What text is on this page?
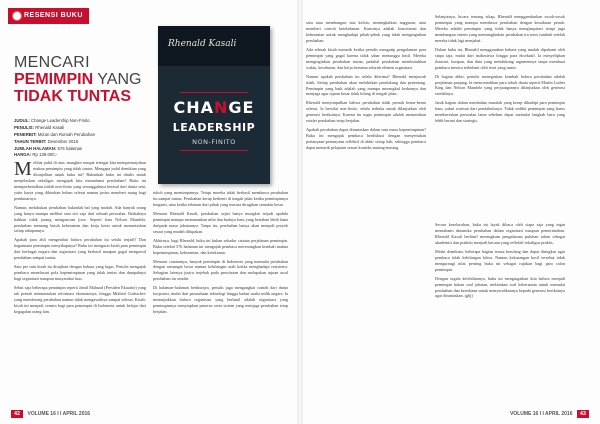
RESENSI BUKU
MENCARI
PEMIMPIN YANG
TIDAK TUNTAS
JUDUL: Change Leadership Non-Finito
PENULIS: Rhenald Kasali
PENERBIT: Mizan dan Rumah Perubahan
TAHUN TERBIT: Desember 2015
JUMLAH HALAMAN: 576 halaman
HARGA: Rp 139.000,-
Rhenald Kasali
CHANGE
LEADERSHIP
NON-FINITO

Melihat judul di atas, mungkin sempat teringat kita mempertanyakan makna pemimpin yang tidak tuntas. Mengapa judul demikian yang ditonjolkan untuk buku ini? Bukankah buku ini ditulis untuk menjelaskan sekaligus mengajak kita memahami perubahan? Buku ini memperkenalkan istilah non-finito yang sesungguhnya berasal dari dunia seni, yaitu karya yang dibiarkan belum selesai namun justru memberi ruang bagi penikmatnya.

Namun, melakukan perubahan bukanlah hal yang mudah. Ada banyak orang yang hanya mampu melihat satu sisi saja dari sebuah persoalan. Berbahaya bahkan tidak jarang mengancam jiwa. Seperti kata Nelson Mandela, perubahan memang butuh keberanian dan kerja keras untuk menuntaskan setiap tahapannya.

Apakah para ahli mengetahui bahwa perubahan itu selalu terjadi? Dan bagaimana pemimpin menyikapinya? Buku ini mengurai kisah para pemimpin dari berbagai negara dan organisasi yang berhasil maupun gagal mengawal perubahan sampai tuntas.

Satu per satu kisah itu disajikan dengan bahasa yang lugas. Penulis mengajak pembaca menelusuri pola kepemimpinan yang tidak tuntas dan dampaknya bagi organisasi maupun masyarakat luas.

Sebut saja beberapa pemimpin seperti Jamil Mahuad (Presiden Ekuador) yang tak pernah menuntaskan reformasi ekonominya, hingga Mikhail Gorbachev yang mendorong perubahan namun tidak mengawalnya sampai selesai. Kisah-kisah ini menjadi cermin bagi para pemimpin di Indonesia untuk belajar dari kegagalan orang lain.

tokoh yang memimpinnya. Tetapi mereka tidak berhasil membawa perubahan itu sampai tuntas. Perubahan kerap berhenti di tengah jalan ketika pemimpinnya berganti, atau ketika tekanan dari pihak yang merasa dirugikan semakin besar.

Menurut Rhenald Kasali, perubahan sejati hanya mungkin terjadi apabila pemimpin mampu menanamkan nilai dan budaya baru yang bertahan lebih lama daripada masa jabatannya. Tanpa itu, perubahan hanya akan menjadi proyek sesaat yang mudah dilupakan.

Akhirnya, bagi Rhenald, buku ini bukan sekadar catatan perjalanan pemimpin. Buku setebal 576 halaman ini mengajak pembaca merenungkan kembali makna kepemimpinan, keberanian, dan ketekunan.

Menurut catatannya, banyak pemimpin di Indonesia yang memulai perubahan dengan semangat besar namun kehilangan arah ketika menghadapi resistensi. Sebagian lainnya justru terjebak pada pencitraan dan melupakan tujuan awal perubahan itu sendiri.

Di halaman-halaman berikutnya, penulis juga mengangkat contoh dari dunia korporasi, mulai dari perusahaan teknologi hingga badan usaha milik negara. Ia menunjukkan bahwa organisasi yang berhasil adalah organisasi yang pemimpinnya menyiapkan penerus serta sistem yang menjaga perubahan tetap berjalan.

42 VOLUME 16 I I APRIL 2016

satu atau membangun tata kelola, meningkatkan anggaran, atau memberi contoh keteladanan. Kuncinya adalah konsistensi dan keberanian untuk menghadapi pihak-pihak yang tidak menginginkan perubahan.

Ada sebuah kisah menarik ketika penulis mengutip pengalaman para pemimpin yang gagal karena tidak sabar menunggu hasil. Mereka menginginkan perubahan instan, padahal perubahan membutuhkan waktu, kesabaran, dan kerja bersama seluruh elemen organisasi.

Namun apakah perubahan itu selalu diterima? Rhenald menjawab tidak. Setiap perubahan akan melahirkan pendukung dan penentang. Pemimpin yang baik adalah yang mampu merangkul keduanya dan menjaga agar tujuan besar tidak hilang di tengah jalan.

Rhenald menyimpulkan bahwa perubahan tidak pernah benar-benar selesai. Ia bersifat non-finito, selalu terbuka untuk dilanjutkan oleh generasi berikutnya. Karena itu tugas pemimpin adalah memastikan estafet perubahan tetap berjalan.

Apakah perubahan dapat dituntaskan dalam satu masa kepemimpinan? Buku ini mengajak pembaca berdiskusi dengan menyertakan pertanyaan-pertanyaan reflektif di akhir setiap bab, sehingga pembaca dapat menarik pelajaran sesuai konteks masing-masing.

Selanjutnya, bicara tentang sikap, Rhenald menggambarkan sosok-sosok pemimpin yang mampu membawa perubahan dengan kesadaran penuh. Mereka adalah pemimpin yang tidak hanya menginspirasi tetapi juga membangun sistem yang memungkinkan perubahan itu terus tumbuh setelah mereka tidak lagi menjabat.

Dalam buku ini, Rhenald menggunakan bahasa yang mudah dipahami oleh siapa saja, mulai dari mahasiswa hingga para eksekutif. Ia menyelipkan ilustrasi, kutipan, dan data yang mendukung argumennya tanpa membuat pembaca merasa terbebani oleh teori yang rumit.

Di bagian akhir, penulis menegaskan kembali bahwa perubahan adalah perjalanan panjang. Ia mencontohkan para tokoh dunia seperti Martin Luther King dan Nelson Mandela yang perjuangannya dilanjutkan oleh generasi setelahnya.

Jarak bagian dalam membahas masalah yang kerap dihadapi para pemimpin baru, yakni warisan dari pendahulunya. Tidak sedikit pemimpin yang harus membereskan persoalan lama sebelum dapat memulai langkah baru yang lebih berani dan strategis.

Secara keseluruhan, buku ini layak dibaca oleh siapa saja yang ingin memahami dinamika perubahan dalam organisasi maupun pemerintahan. Rhenald Kasali berhasil merangkum pengalaman puluhan tahun sebagai akademisi dan praktisi menjadi bacaan yang reflektif sekaligus praktis.

Meski demikian, beberapa bagian terasa berulang dan dapat diringkas agar pembaca tidak kehilangan fokus. Namun kekurangan kecil tersebut tidak mengurangi nilai penting buku ini sebagai rujukan bagi para calon pemimpin.

Dengan segala kelebihannya, buku ini mengingatkan kita bahwa menjadi pemimpin bukan soal jabatan, melainkan soal keberanian untuk memulai perubahan dan kesediaan untuk menyerahkannya kepada generasi berikutnya agar dituntaskan. (gbj)

VOLUME 16 I I APRIL 2016 43
